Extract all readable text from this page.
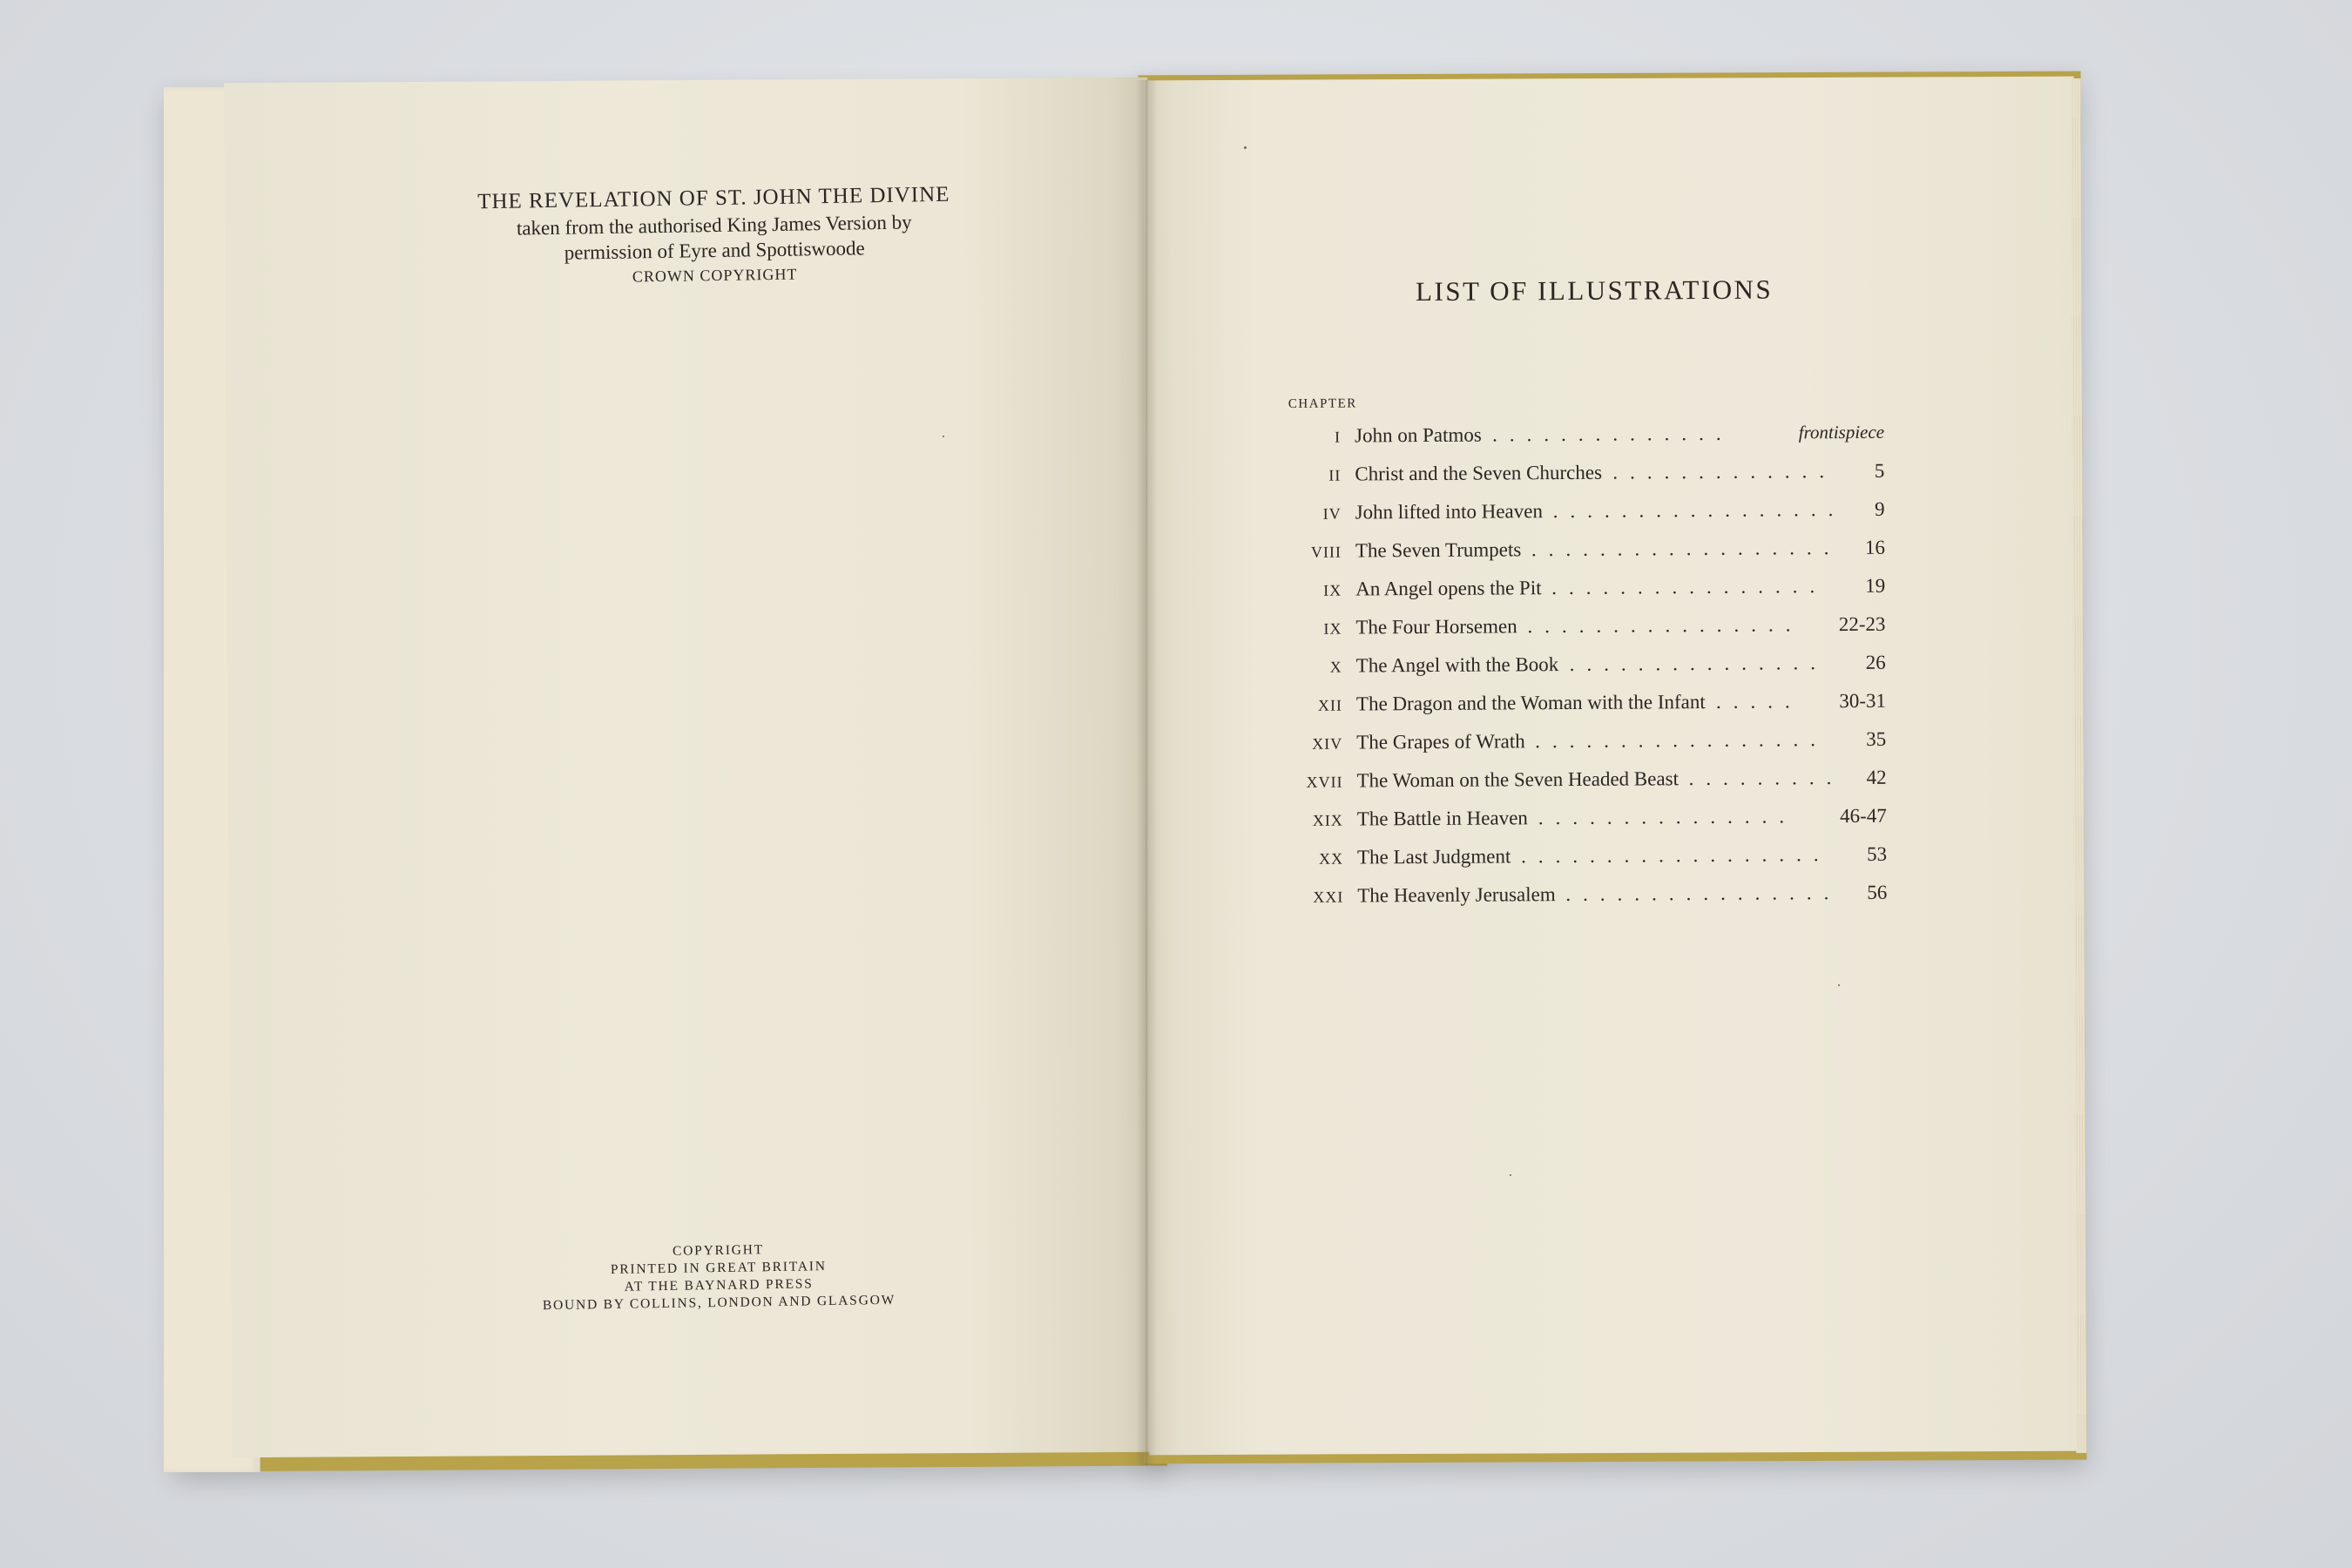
THE REVELATION OF ST. JOHN THE DIVINE
taken from the authorised King James Version by
permission of Eyre and Spottiswoode
CROWN COPYRIGHT
COPYRIGHT
PRINTED IN GREAT BRITAIN
AT THE BAYNARD PRESS
BOUND BY COLLINS, LONDON AND GLASGOW
LIST OF ILLUSTRATIONS
CHAPTER
I John on Patmos	frontispiece
..............
II Christ and the Seven Churches	5
.............
IV John lifted into Heaven	9
.................
VIII The Seven Trumpets	16
..................
IX An Angel opens the Pit	19
................
IX The Four Horsemen	22-23
................
X The Angel with the Book	26
...............
XII The Dragon and the Woman with the Infant	30-31
.....
XIV The Grapes of Wrath	35
.................
XVII The Woman on the Seven Headed Beast	42
.........
XIX The Battle in Heaven	46-47
...............
XX The Last Judgment	53
..................
XXI The Heavenly Jerusalem	56
................
